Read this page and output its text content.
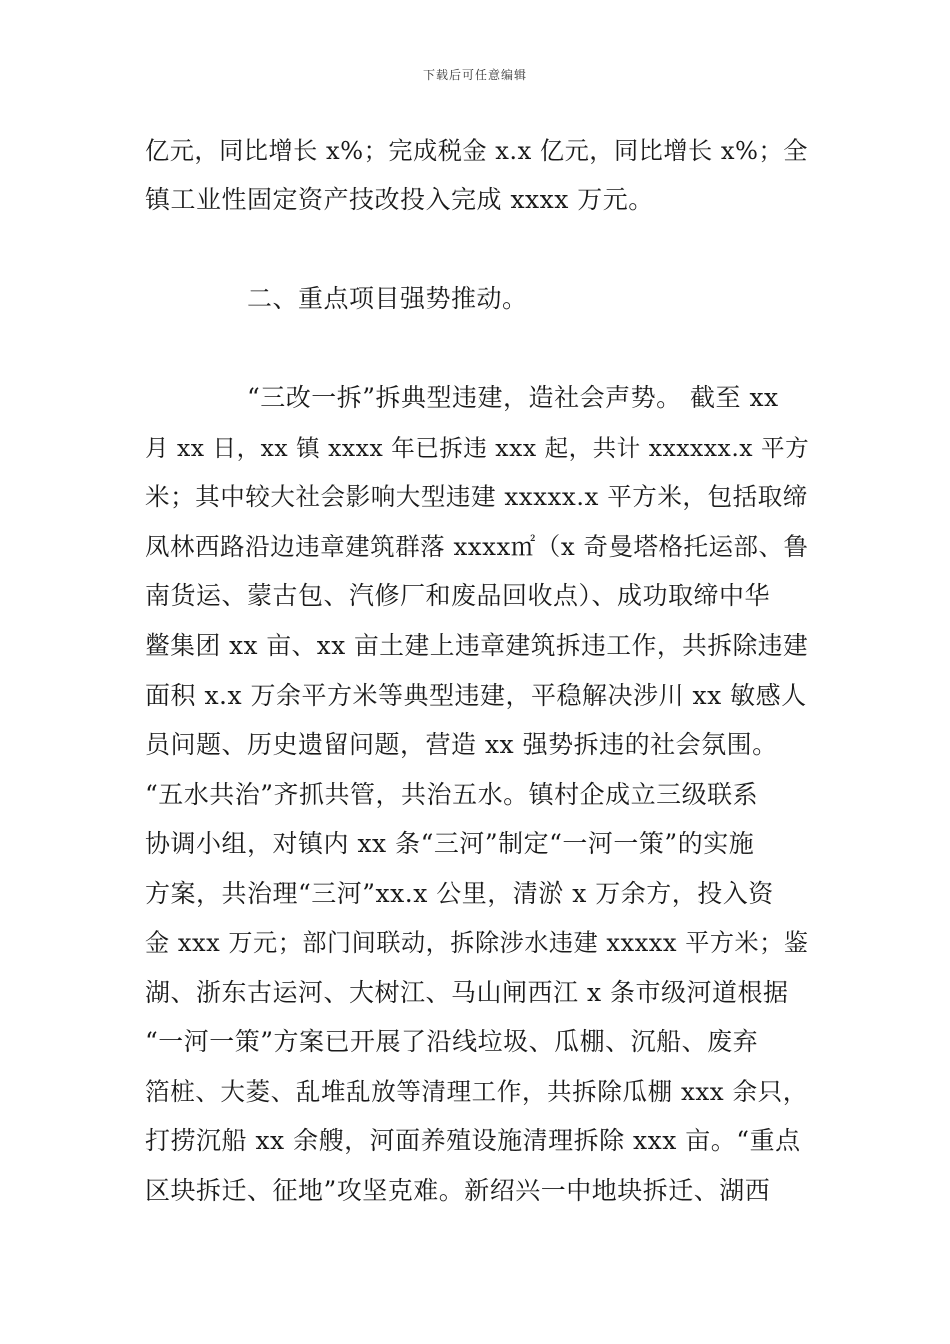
下载后可任意编辑
亿元，同比增长 x%；完成税金 x.x 亿元，同比增长 x%；全
镇工业性固定资产技改投入完成 xxxx 万元。
二、重点项目强势推动。
“三改一拆”拆典型违建，造社会声势。 截至 xx
月 xx 日，xx 镇 xxxx 年已拆违 xxx 起，共计 xxxxxx.x 平方
米；其中较大社会影响大型违建 xxxxx.x 平方米，包括取缔
凤林西路沿边违章建筑群落 xxxx㎡（x 奇曼塔格托运部、鲁
南货运、蒙古包、汽修厂和废品回收点）、成功取缔中华
鳖集团 xx 亩、xx 亩土建上违章建筑拆违工作，共拆除违建
面积 x.x 万余平方米等典型违建，平稳解决涉川 xx 敏感人
员问题、历史遗留问题，营造 xx 强势拆违的社会氛围。
“五水共治”齐抓共管，共治五水。镇村企成立三级联系
协调小组，对镇内 xx 条“三河”制定“一河一策”的实施
方案，共治理“三河”xx.x 公里，清淤 x 万余方，投入资
金 xxx 万元；部门间联动，拆除涉水违建 xxxxx 平方米；鉴
湖、浙东古运河、大树江、马山闸西江 x 条市级河道根据
“一河一策”方案已开展了沿线垃圾、瓜棚、沉船、废弃
箔桩、大菱、乱堆乱放等清理工作，共拆除瓜棚 xxx 余只，
打捞沉船 xx 余艘，河面养殖设施清理拆除 xxx 亩。“重点
区块拆迁、征地”攻坚克难。新绍兴一中地块拆迁、湖西
